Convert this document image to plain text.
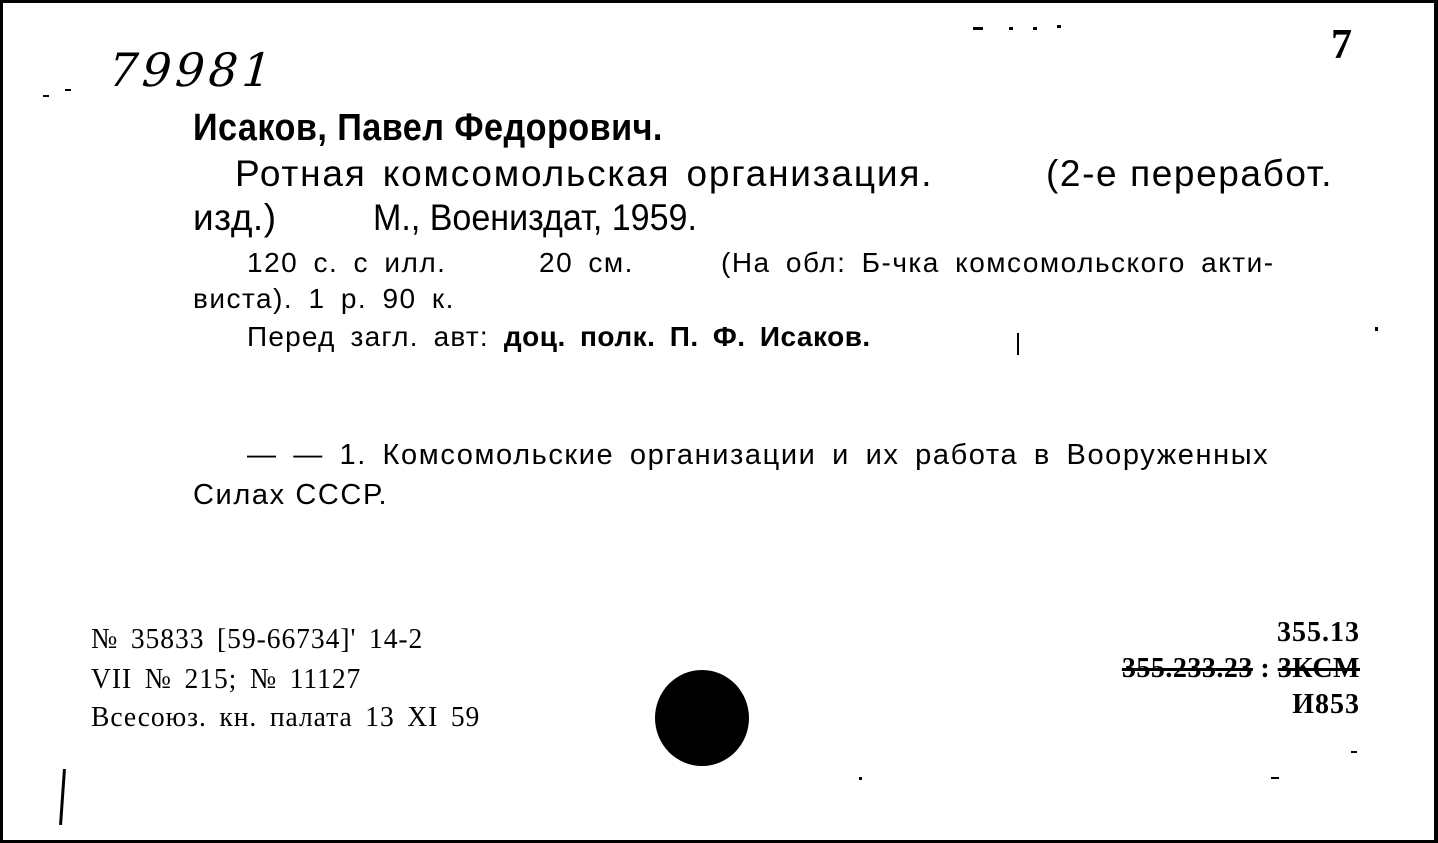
79981	7
Исаков, Павел Федорович.
Ротная комсомольская организация.	(2-е переработ.
изд.)	М., Воениздат, 1959.
120 с. с илл.	20 см.	(На обл: Б-чка комсомольского акти-
виста). 1 р. 90 к.
Перед загл. авт: доц. полк. П. Ф. Исаков.
— — 1. Комсомольские организации и их работа в Вооруженных
Силах СССР.
№ 35833 [59-66734]' 14-2
VII № 215; № 11127
Всесоюз. кн. палата 13 XI 59
355.13
355.233.23 : 3КСМ
И853
